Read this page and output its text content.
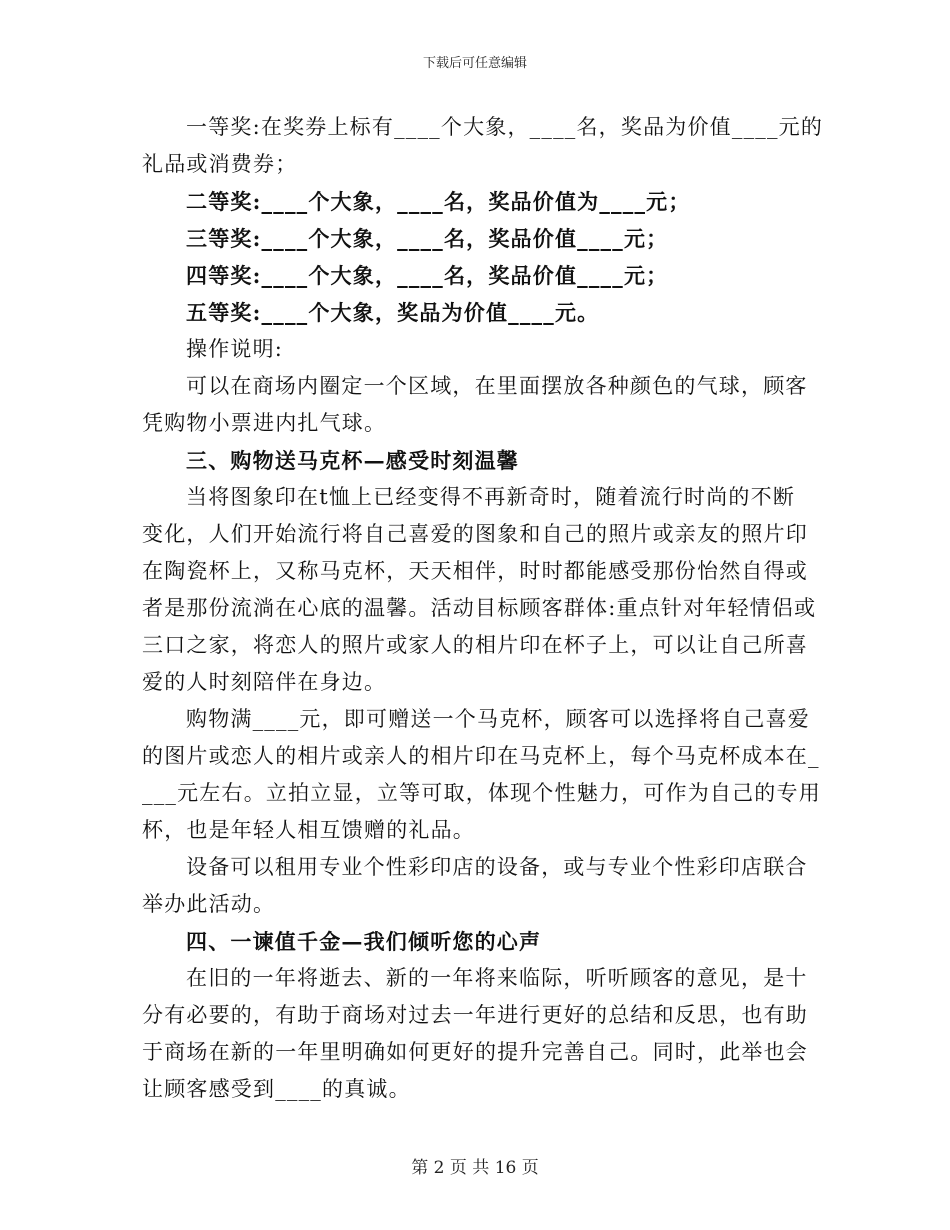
下载后可任意编辑
一等奖:在奖券上标有____个大象，____名，奖品为价值____元的
礼品或消费券；
二等奖:____个大象，____名，奖品价值为____元；
三等奖:____个大象，____名，奖品价值____元；
四等奖:____个大象，____名，奖品价值____元；
五等奖:____个大象，奖品为价值____元。
操作说明:
可以在商场内圈定一个区域，在里面摆放各种颜色的气球，顾客
凭购物小票进内扎气球。
三、购物送马克杯—感受时刻温馨
当将图象印在t恤上已经变得不再新奇时，随着流行时尚的不断
变化，人们开始流行将自己喜爱的图象和自己的照片或亲友的照片印
在陶瓷杯上，又称马克杯，天天相伴，时时都能感受那份怡然自得或
者是那份流淌在心底的温馨。活动目标顾客群体:重点针对年轻情侣或
三口之家，将恋人的照片或家人的相片印在杯子上，可以让自己所喜
爱的人时刻陪伴在身边。
购物满____元，即可赠送一个马克杯，顾客可以选择将自己喜爱
的图片或恋人的相片或亲人的相片印在马克杯上，每个马克杯成本在_
___元左右。立拍立显，立等可取，体现个性魅力，可作为自己的专用
杯，也是年轻人相互馈赠的礼品。
设备可以租用专业个性彩印店的设备，或与专业个性彩印店联合
举办此活动。
四、一谏值千金—我们倾听您的心声
在旧的一年将逝去、新的一年将来临际，听听顾客的意见，是十
分有必要的，有助于商场对过去一年进行更好的总结和反思，也有助
于商场在新的一年里明确如何更好的提升完善自己。同时，此举也会
让顾客感受到____的真诚。
第 2 页 共 16 页
